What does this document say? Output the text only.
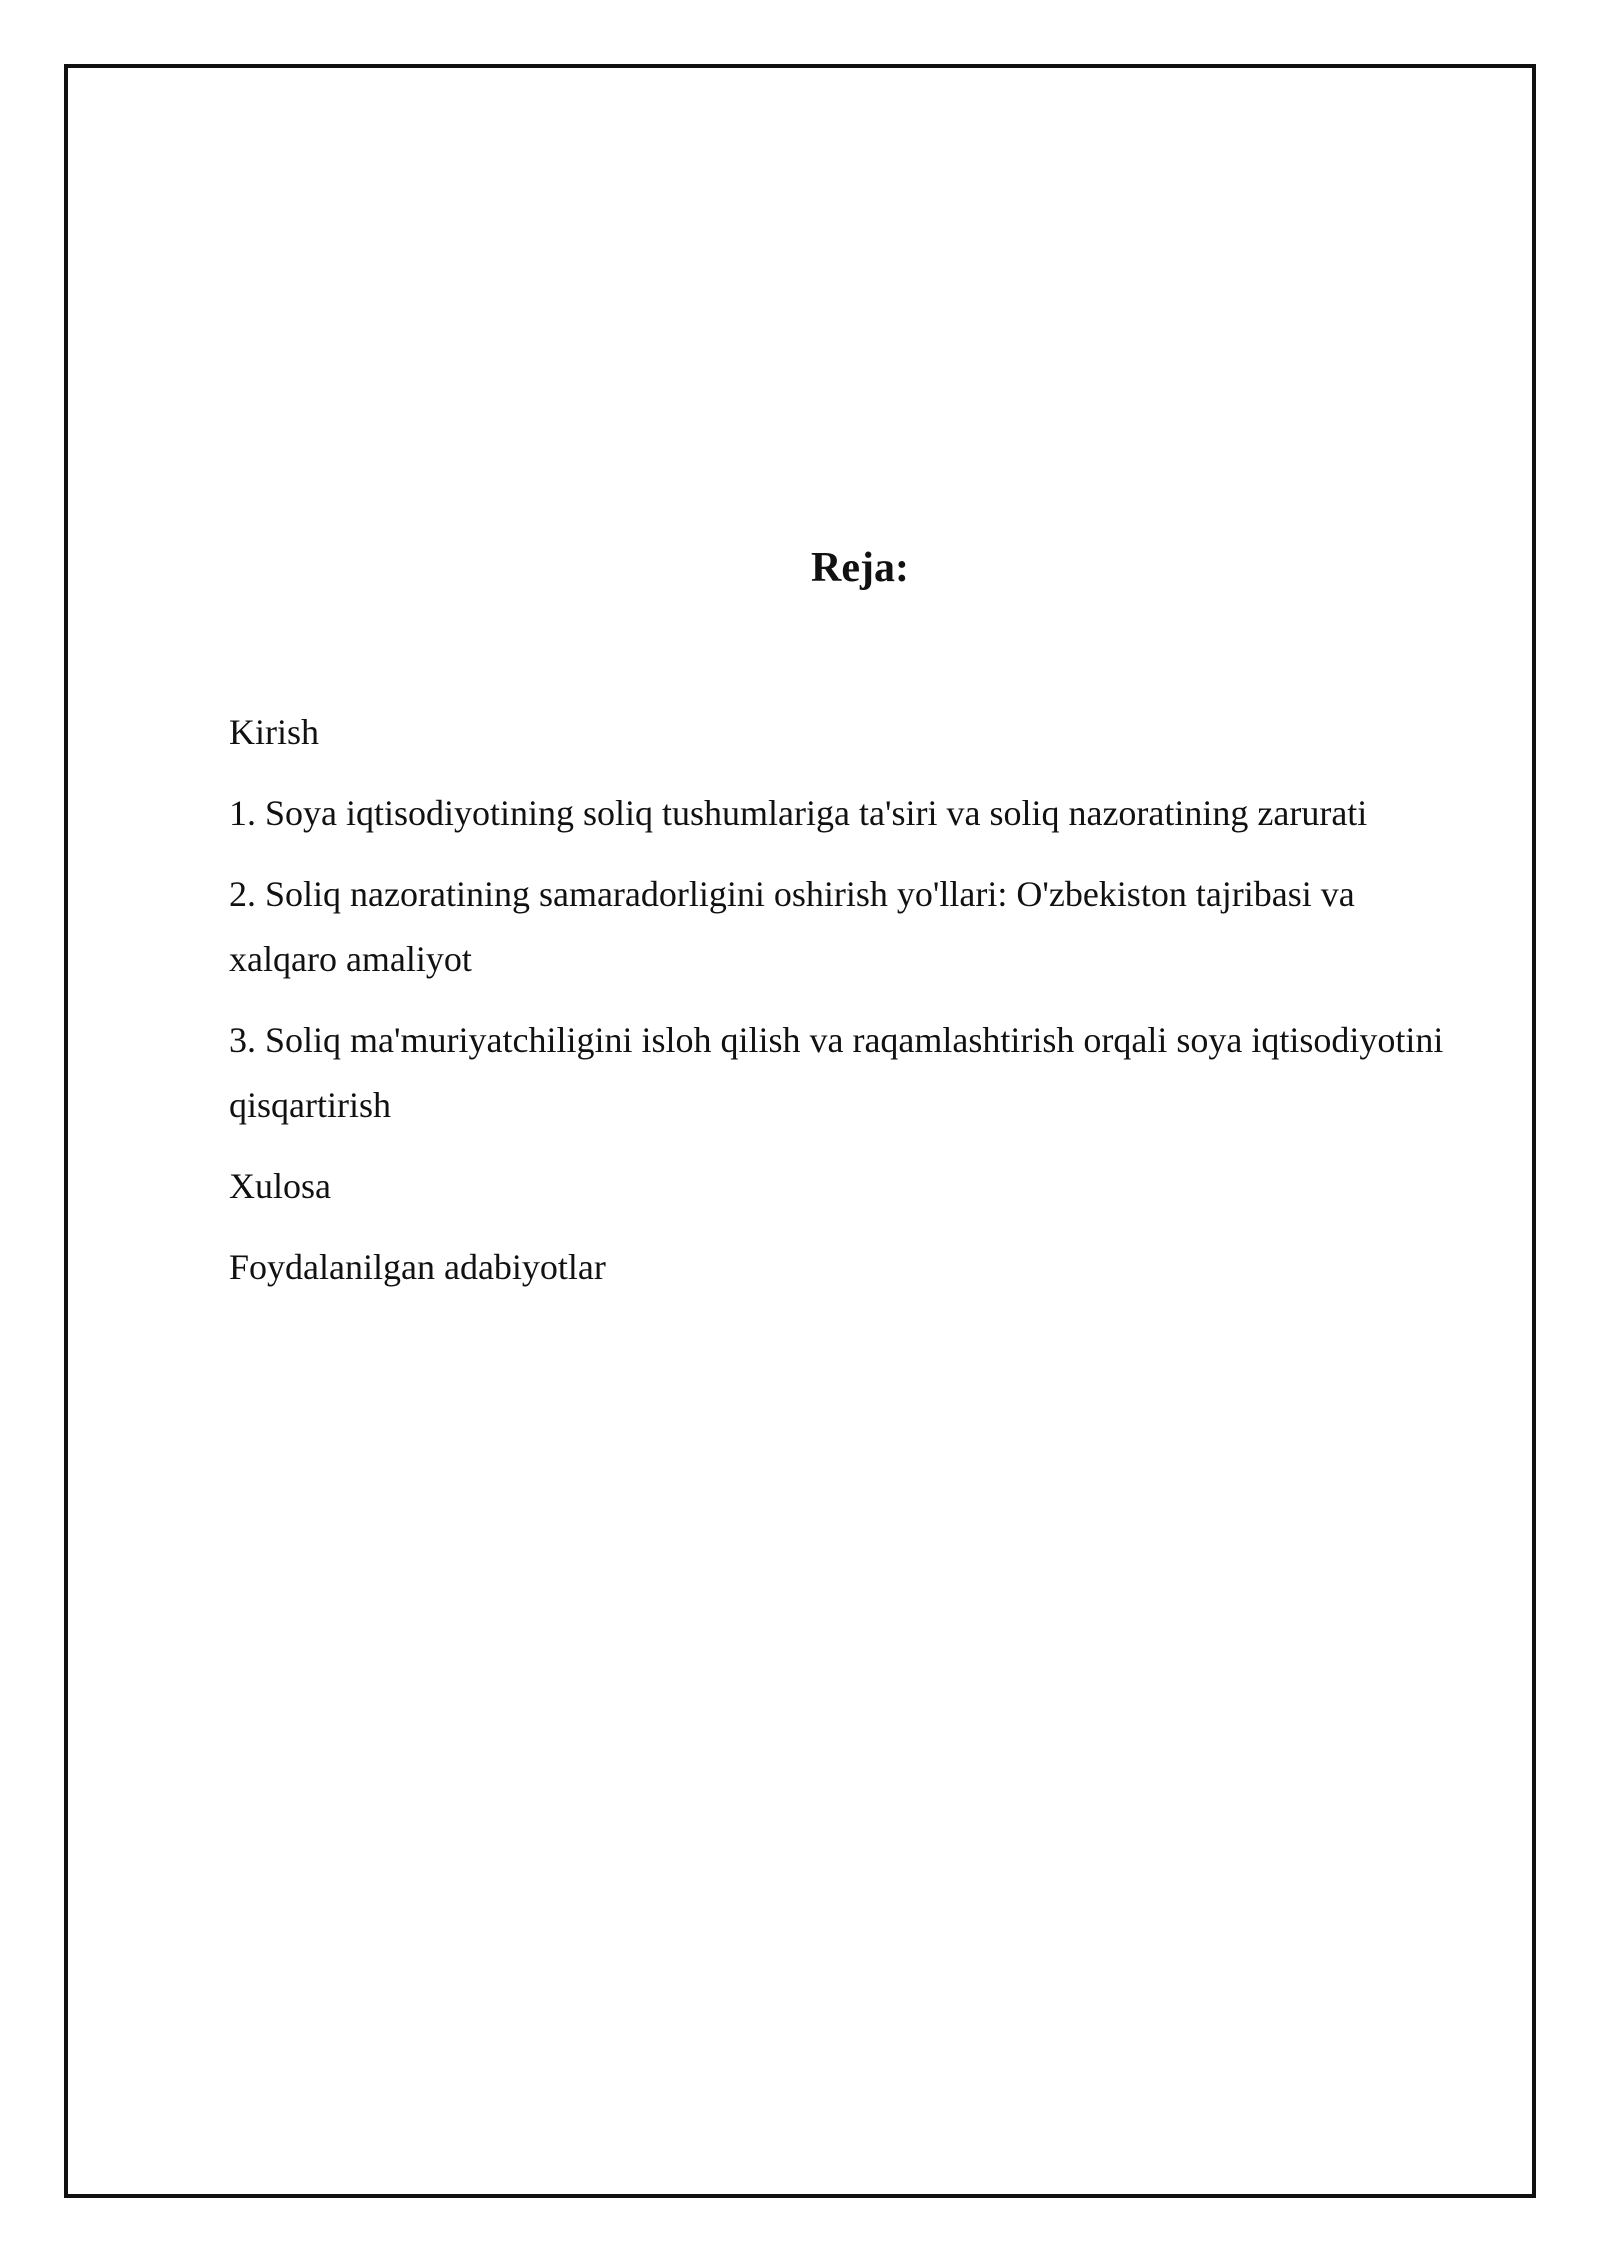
Reja:
Kirish
1. Soya iqtisodiyotining soliq tushumlariga ta'siri va soliq nazoratining zarurati
2. Soliq nazoratining samaradorligini oshirish yo'llari: O'zbekiston tajribasi va xalqaro amaliyot
3. Soliq ma'muriyatchiligini isloh qilish va raqamlashtirish orqali soya iqtisodiyotini qisqartirish
Xulosa
Foydalanilgan adabiyotlar
